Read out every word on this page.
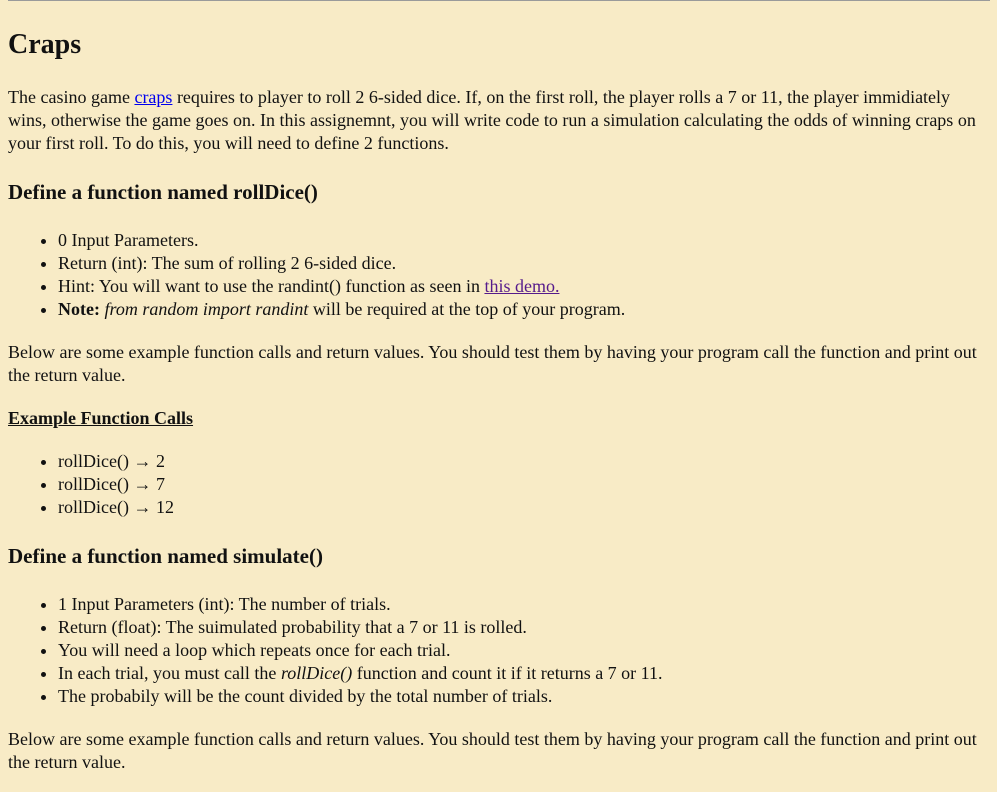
Craps

The casino game craps requires to player to roll 2 6-sided dice. If, on the first roll, the player rolls a 7 or 11, the player immidiately wins, otherwise the game goes on. In this assignemnt, you will write code to run a simulation calculating the odds of winning craps on your first roll. To do this, you will need to define 2 functions.

Define a function named rollDice()
• 0 Input Parameters.
• Return (int): The sum of rolling 2 6-sided dice.
• Hint: You will want to use the randint() function as seen in this demo.
• Note: from random import randint will be required at the top of your program.

Below are some example function calls and return values. You should test them by having your program call the function and print out the return value.

Example Function Calls

• rollDice() → 2
• rollDice() → 7
• rollDice() → 12
Define a function named simulate()
• 1 Input Parameters (int): The number of trials.
• Return (float): The suimulated probability that a 7 or 11 is rolled.
• You will need a loop which repeats once for each trial.
• In each trial, you must call the rollDice() function and count it if it returns a 7 or 11.
• The probabily will be the count divided by the total number of trials.

Below are some example function calls and return values. You should test them by having your program call the function and print out the return value.
